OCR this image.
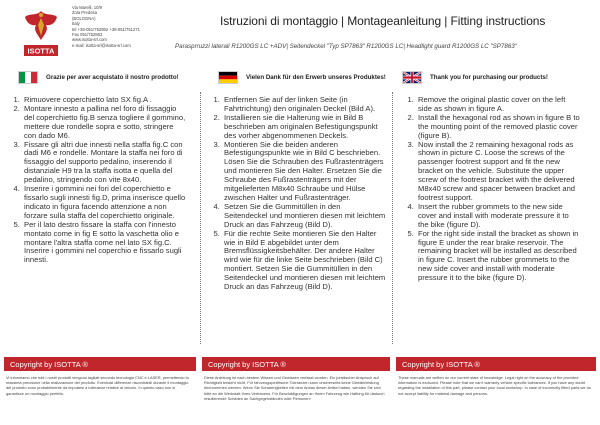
ISOTTA
Via Marelli, 10/9
Zola Predosa
(BOLOGNA)
Italy
tel +39-051/752862 +39-051/751271
Fax 051/752862
www.isotta-srl.com
e-mail: isotta-srl@isotta-srl.com
Istruzioni di montaggio | Montageanleitung | Fitting instructions
Parasprruzzi laterali R1200GS LC +ADV| Seitendeckel "Typ SP7863" R1200GS LC| Headlight guard R1200GS LC "SP7863"
Grazie per aver acquistato il nostro prodotto!	Vielen Dank für den Erwerb unseres Produktes!	Thank you for purchasing our products!
1. Rimuovere coperchietto lato SX fig.A .
2. Montare innesto a pallina nel foro di fissaggio del coperchietto fig.B senza togliere il gommino, mettere due rondelle sopra e sotto, stringere con dado M6.
3. Fissare gli altri due innesti nella staffa fig.C con dadi M6 e rondelle. Montare la staffa nei foro di fissaggio del supporto pedalino, inserendo il distanziale H9 tra la staffa isotta e quella del pedalino, stringendo con vite 8x40.
4. Inserire i gommini nei fori del coperchietto e fissarlo sugli innesti fig.D, prima inserisce quello indicato in figura facendo attenzione a non forzare sulla staffa del coperchietto originale.
5. Per il lato destro fissare la staffa con l'innesto montato come in fig E sotto la vaschetta olio e montare l'altra staffa come nel lato SX fig.C. Inserire i gommini nel coperchio e fissarlo sugli innesti.
1. Entfernen Sie auf der linken Seite (in Fahrtrichtung) den originalen Deckel (Bild A).
2. Installieren sie die Halterung wie in Bild B beschrieben am originalen Befestigungspunkt des vorher abgenommenen Deckels.
3. Montieren Sie die beiden anderen Befestigungspunkte wie in Bild C beschrieben. Lösen Sie die Schrauben des Fußrastenträgers und montieren Sie den Halter. Ersetzen Sie die Schraube des Fußrastenträgers mit der mitgelieferten M8x40 Schraube und Hülse zwischen Halter und Fußrastenträger.
4. Setzen Sie die Gummitüllen in den Seitendeckel und montieren diesen mit leichtem Druck an das Fahrzeug (Bild D).
5. Für die rechte Seite montieren Sie den Halter wie in Bild E abgebildet unter dem Bremsflüssigkeitsbehälter. Der andere Halter wird wie für die linke Seite beschrieben (Bild C) montiert. Setzen Sie die Gummitüllen in den Seitendeckel und montieren diesen mit leichtem Druck an das Fahrzeug (Bild D).
1. Remove the original plastic cover on the left side as shown in figure A.
2. Install the hexagonal rod as shown in figure B to the mounting point of the removed plastic cover (figure B).
3. Now install the 2 remaining hexagonal rods as shown in picture C. Loose the screws of the passenger footrest support and fit the new bracket on the vehicle. Substitute the upper screw of the footrest bracket with the delivered M8x40 screw and spacer between bracket and footrest support.
4. Insert the rubber grommets to the new side cover and install with moderate pressure it to the bike (figure D).
5. For the right side install the bracket as shown in figure E under the rear brake reservoir. The remaining bracket will be installed as described in figure C. Insert the rubber grommets to the new side cover and install with moderate pressure it to the bike (figure D).
Copyright by ISOTTA ®	Copyright by ISOTTA ®	Copyright by ISOTTA ®
Vi informiamo che tutti i nostri prodotti vengono tagliati secondo tecnologia CNC e LASER, permettendo la massima precisione nella realizzazione del prodotto. Eventuali differenze riscontrabili durante il montaggio del prodotto sono probabilmente da imputarsi a tolleranze relative al veicolo. In questo caso non si garantisce un montaggio perfetto.
Diese Anleitung ist nach bestem Wissen und Gewissen verfasst worden. Ein juristischer Anspruch auf Richtigkeit besteht nicht. Für fahrzeugspezifische Toleranzen kann unsererseits keine Gewährleistung übernommen werden. Wenn Sie Schwierigkeiten mit dem Anbau dieser Artikel haben, wenden Sie sich bitte an die Werkstatt Ihres Vertrauens. Für Beschädigungen an Ihrem Fahrzeug wie Haftung für dadurch resultierende Schäden an Sachgegenständen oder Personen!
These manuals are written on our current state of knowledge. Legal right on the accuracy of the provided information is excluded. Please note that we can't warranty vehicle specific tolerances. If you have any doubt regarding the installation of this part, please contact your local workshop. In case of incorrectly fitted parts we do not accept liability for material damage and persons.
